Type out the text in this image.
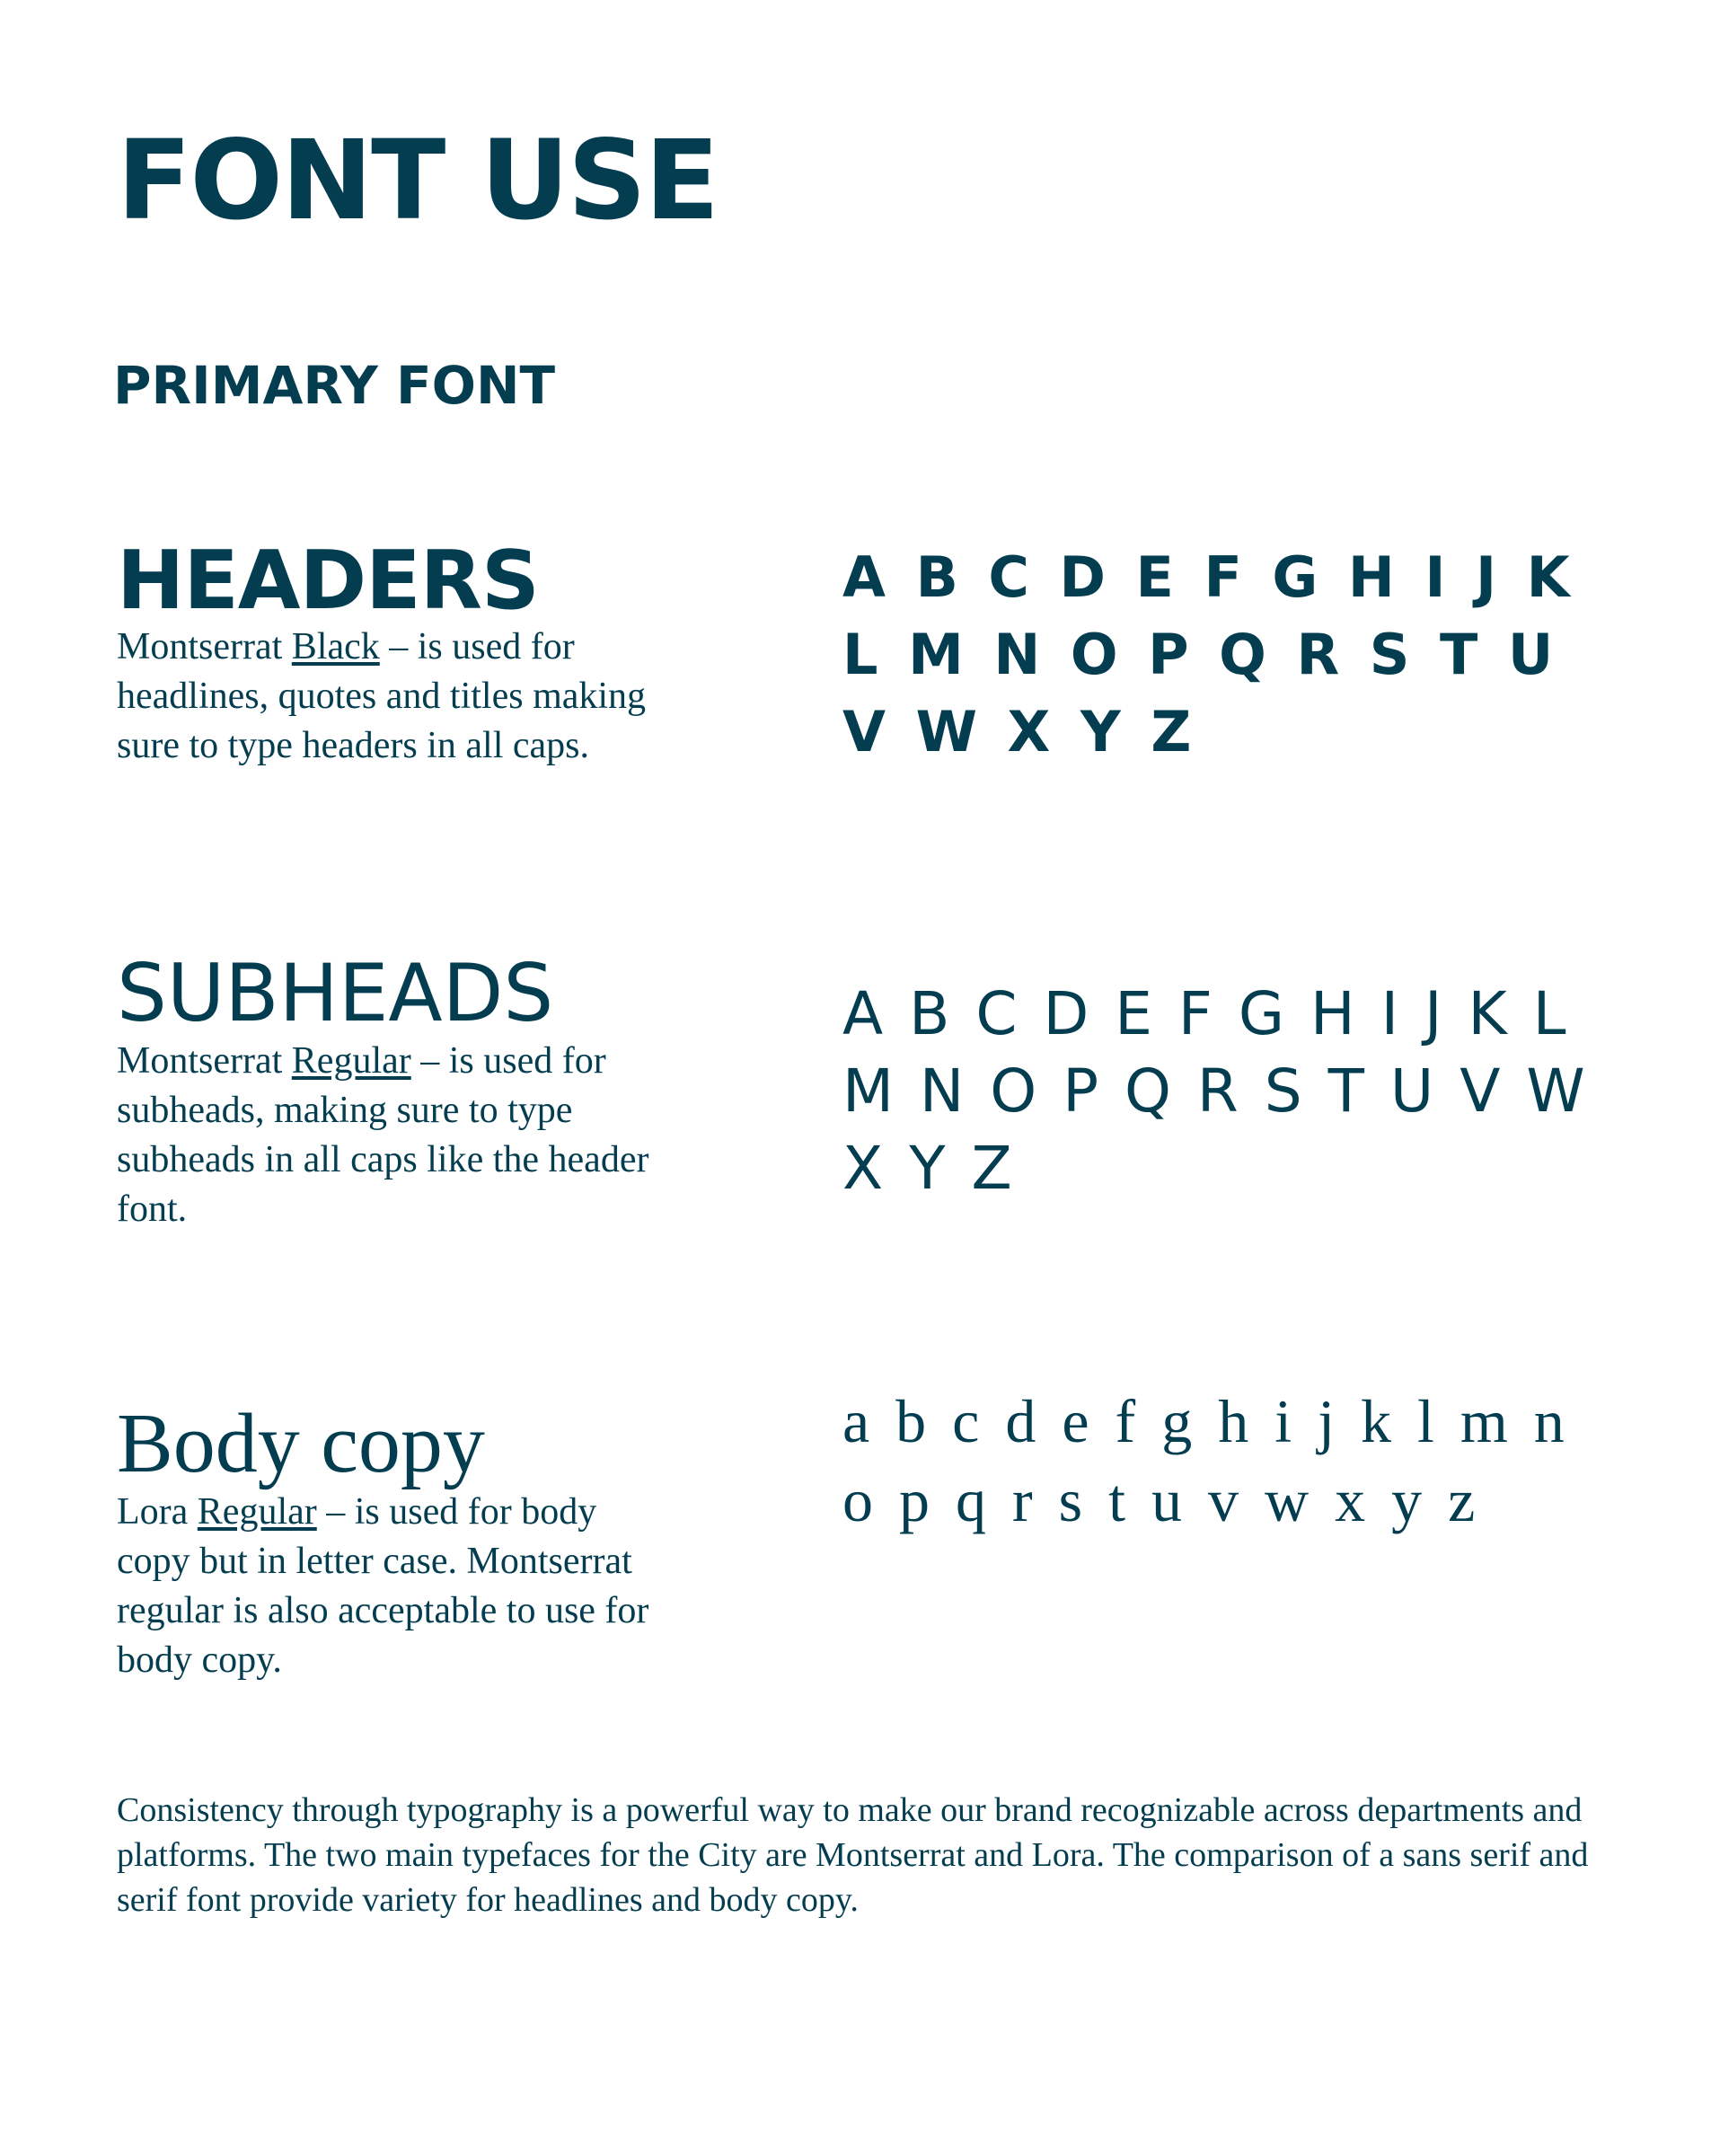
FONT USE
PRIMARY FONT
HEADERS

Montserrat Black – is used for headlines, quotes and titles making sure to type headers in all caps.

A B C D E F G H I J K
L M N O P Q R S T U
V W X Y Z
SUBHEADS

Montserrat Regular – is used for subheads, making sure to type subheads in all caps like the header font.

A B C D E F G H I J K L
M N O P Q R S T U V W
X Y Z
Body copy

Lora Regular – is used for body copy but in letter case. Montserrat regular is also acceptable to use for body copy.

a b c d e f g h i j k l m n
o p q r s t u v w x y z

Consistency through typography is a powerful way to make our brand recognizable across departments and platforms. The two main typefaces for the City are Montserrat and Lora. The comparison of a sans serif and serif font provide variety for headlines and body copy.
